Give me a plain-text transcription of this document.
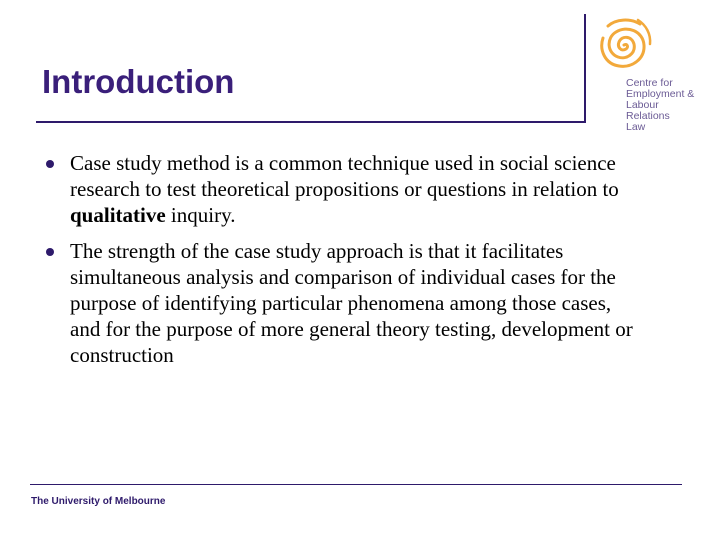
Introduction	Centre for
Employment &
Labour
Relations
Law
Case study method is a common technique used in social science research to test theoretical propositions or questions in relation to qualitative inquiry.
The strength of the case study approach is that it facilitates simultaneous analysis and comparison of individual cases for the purpose of identifying particular phenomena among those cases, and for the purpose of more general theory testing, development or construction
The University of Melbourne
